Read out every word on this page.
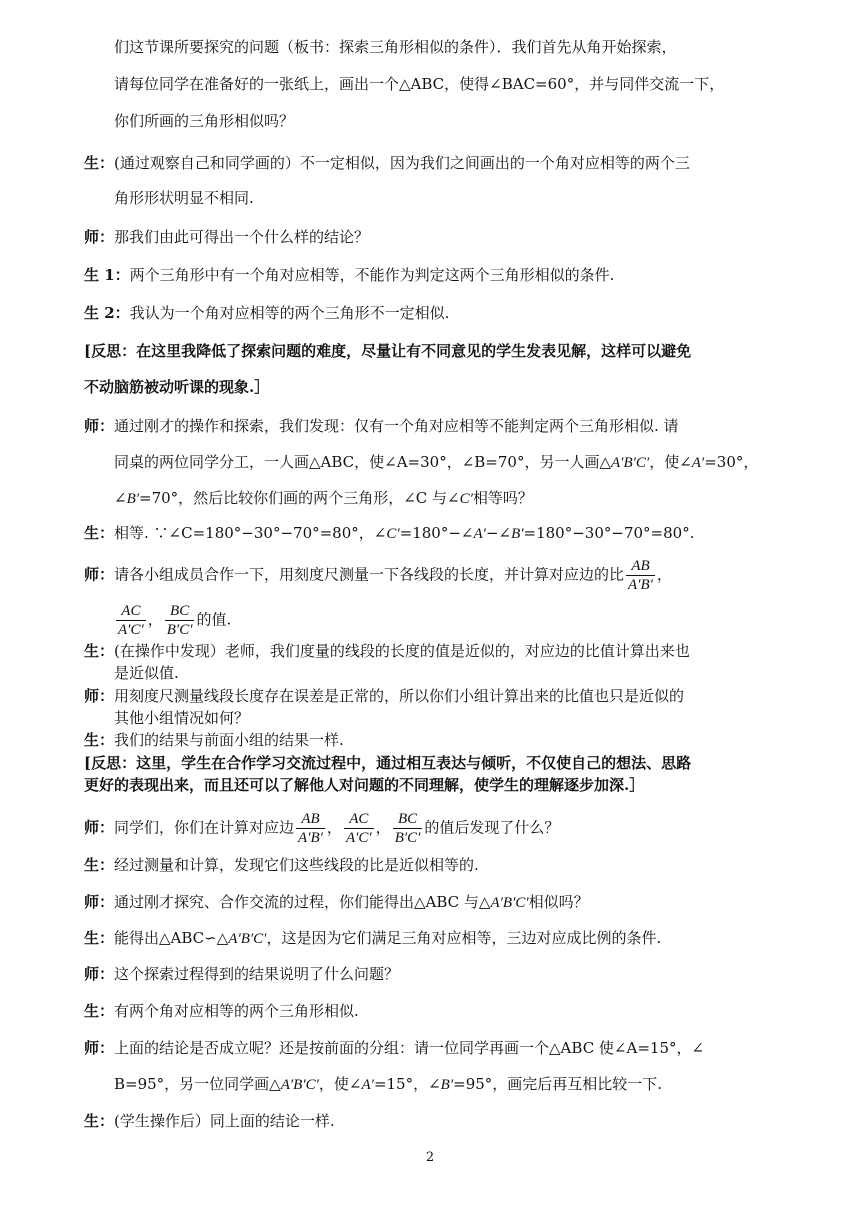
们这节课所要探究的问题（板书：探索三角形相似的条件）．我们首先从角开始探索，
请每位同学在准备好的一张纸上，画出一个△ABC，使得∠BAC=60°，并与同伴交流一下，
你们所画的三角形相似吗？
生：(通过观察自己和同学画的）不一定相似，因为我们之间画出的一个角对应相等的两个三
角形形状明显不相同.
师：那我们由此可得出一个什么样的结论？
生 1：两个三角形中有一个角对应相等，不能作为判定这两个三角形相似的条件.
生 2：我认为一个角对应相等的两个三角形不一定相似.
[反思：在这里我降低了探索问题的难度，尽量让有不同意见的学生发表见解，这样可以避免
不动脑筋被动听课的现象.］
师：通过刚才的操作和探索，我们发现：仅有一个角对应相等不能判定两个三角形相似. 请
同桌的两位同学分工，一人画△ABC，使∠A=30°，∠B=70°，另一人画△A′B′C′，使∠A′=30°，
∠B′=70°，然后比较你们画的两个三角形，∠C 与∠C′相等吗？
生：相等. ∵∠C=180°−30°−70°=80°，∠C′=180°−∠A′−∠B′=180°−30°−70°=80°.
师：请各小组成员合作一下，用刻度尺测量一下各线段的长度，并计算对应边的比 $\frac{AB}{A'B'}$ ，
$\frac{AC}{A'C'}$ ， $\frac{BC}{B'C'}$ 的值.
生：(在操作中发现）老师，我们度量的线段的长度的值是近似的，对应边的比值计算出来也
是近似值.
师：用刻度尺测量线段长度存在误差是正常的，所以你们小组计算出来的比值也只是近似的
其他小组情况如何？
生：我们的结果与前面小组的结果一样.
[反思：这里，学生在合作学习交流过程中，通过相互表达与倾听，不仅使自己的想法、思路
更好的表现出来，而且还可以了解他人对问题的不同理解，使学生的理解逐步加深.］
师：同学们，你们在计算对应边 $\frac{AB}{A'B'}$ ， $\frac{AC}{A'C'}$ ， $\frac{BC}{B'C'}$ 的值后发现了什么？
生：经过测量和计算，发现它们这些线段的比是近似相等的.
师：通过刚才探究、合作交流的过程，你们能得出△ABC 与△A′B′C′相似吗？
生：能得出△ABC∽△A′B′C′，这是因为它们满足三角对应相等，三边对应成比例的条件.
师：这个探索过程得到的结果说明了什么问题？
生：有两个角对应相等的两个三角形相似.
师：上面的结论是否成立呢？还是按前面的分组：请一位同学再画一个△ABC 使∠A=15°，∠
B=95°，另一位同学画△A′B′C′，使∠A′=15°，∠B′=95°，画完后再互相比较一下.
生：(学生操作后）同上面的结论一样.
2
